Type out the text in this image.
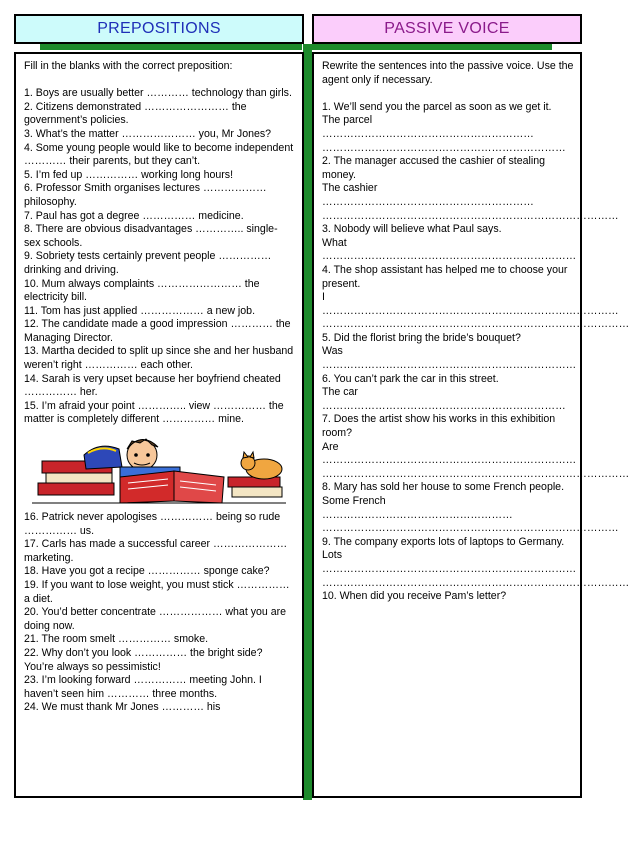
PREPOSITIONS	PASSIVE VOICE

Fill in the blanks with the correct preposition:

1. Boys are usually better ………… technology than girls.

2. Citizens demonstrated …………………… the government’s policies.

3. What’s the matter ………………… you, Mr Jones?

4. Some young people would like to become independent ………… their parents, but they can’t.

5. I’m fed up …………… working long hours!

6. Professor Smith organises lectures ……………… philosophy.

7. Paul has got a degree …………… medicine.

8. There are obvious disadvantages ………….. single-sex schools.

9. Sobriety tests certainly prevent people …………… drinking and driving.

10. Mum always complaints …………………… the electricity bill.

11. Tom has just applied ……………… a new job.

12. The candidate made a good impression ………… the Managing Director.

13. Martha decided to split up since she and her husband weren’t right …………… each other.

14. Sarah is very upset because her boyfriend cheated …………… her.

15. I’m afraid your point ………….. view …………… the matter is completely different …………… mine.

16. Patrick never apologises …………… being so rude …………… us.

17. Carls has made a successful career ………………… marketing.

18. Have you got a recipe …………… sponge cake?

19. If you want to lose weight, you must stick …………… a diet.

20. You’d better concentrate ……………… what you are doing now.

21. The room smelt …………… smoke.

22. Why don’t you look …………… the bright side? You’re always so pessimistic!

23. I’m looking forward …………… meeting John. I haven’t seen him ………… three months.

24. We must thank Mr Jones ………… his

Rewrite the sentences into the passive voice. Use the agent only if necessary.

1. We’ll send you the parcel as soon as we get it.

The parcel

……………………………………………………

……………………………………………………………

2. The manager accused the cashier of stealing money.

The cashier

……………………………………………………

…………………………………………………………………………

3. Nobody will believe what Paul says.

What

………………………………………………………………

4. The shop assistant has helped me to choose your present.

I

…………………………………………………………………………

……………………………………………………………………………

5. Did the florist bring the bride’s bouquet?

Was

………………………………………………………………

6. You can’t park the car in this street.

The car

……………………………………………………………

7. Does the artist show his works in this exhibition room?

Are

………………………………………………………………

……………………………………………………………………………

8. Mary has sold her house to some French people.

Some French

………………………………………………

…………………………………………………………………………

9. The company exports lots of laptops to Germany.

Lots

………………………………………………………………

……………………………………………………………………………

10. When did you receive Pam’s letter?
